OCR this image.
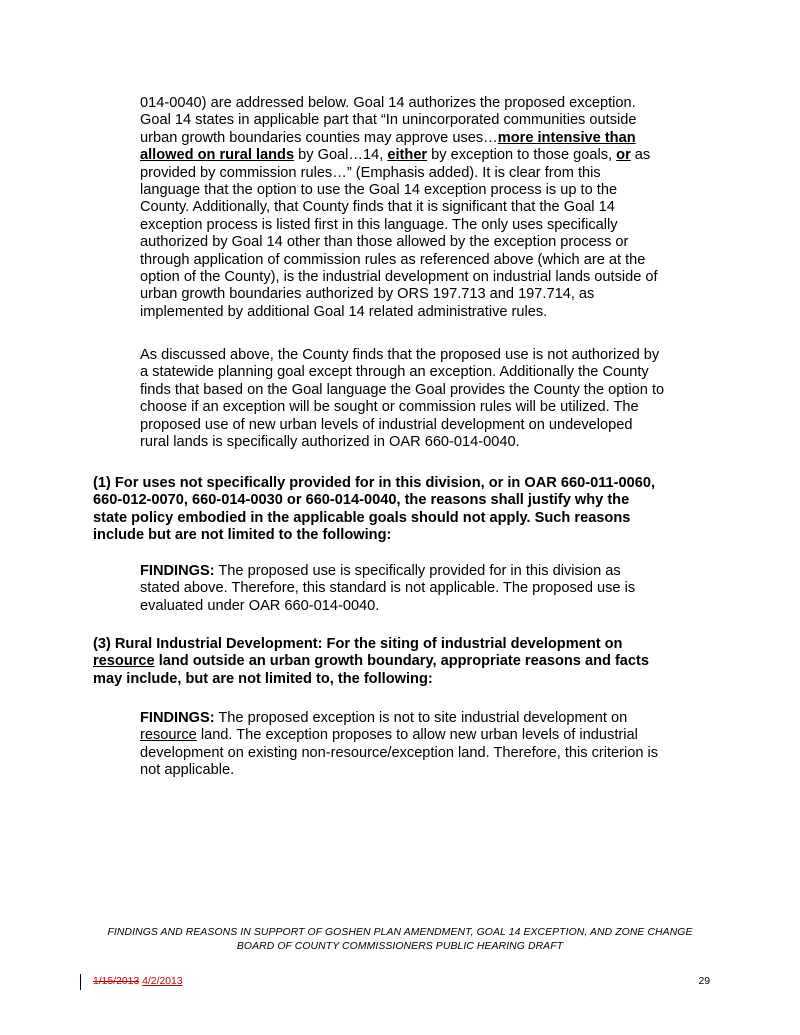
014-0040) are addressed below. Goal 14 authorizes the proposed exception.
Goal 14 states in applicable part that “In unincorporated communities outside
urban growth boundaries counties may approve uses…more intensive than
allowed on rural lands by Goal…14, either by exception to those goals, or as
provided by commission rules…” (Emphasis added). It is clear from this
language that the option to use the Goal 14 exception process is up to the
County. Additionally, that County finds that it is significant that the Goal 14
exception process is listed first in this language. The only uses specifically
authorized by Goal 14 other than those allowed by the exception process or
through application of commission rules as referenced above (which are at the
option of the County), is the industrial development on industrial lands outside of
urban growth boundaries authorized by ORS 197.713 and 197.714, as
implemented by additional Goal 14 related administrative rules.
As discussed above, the County finds that the proposed use is not authorized by
a statewide planning goal except through an exception. Additionally the County
finds that based on the Goal language the Goal provides the County the option to
choose if an exception will be sought or commission rules will be utilized. The
proposed use of new urban levels of industrial development on undeveloped
rural lands is specifically authorized in OAR 660-014-0040.
(1) For uses not specifically provided for in this division, or in OAR 660-011-0060,
660-012-0070, 660-014-0030 or 660-014-0040, the reasons shall justify why the
state policy embodied in the applicable goals should not apply. Such reasons
include but are not limited to the following:
FINDINGS: The proposed use is specifically provided for in this division as
stated above. Therefore, this standard is not applicable. The proposed use is
evaluated under OAR 660-014-0040.
(3) Rural Industrial Development: For the siting of industrial development on
resource land outside an urban growth boundary, appropriate reasons and facts
may include, but are not limited to, the following:
FINDINGS: The proposed exception is not to site industrial development on
resource land. The exception proposes to allow new urban levels of industrial
development on existing non-resource/exception land. Therefore, this criterion is
not applicable.
FINDINGS AND REASONS IN SUPPORT OF GOSHEN PLAN AMENDMENT, GOAL 14 EXCEPTION, AND ZONE CHANGE
BOARD OF COUNTY COMMISSIONERS PUBLIC HEARING DRAFT
1/15/2013 4/2/2013	29
